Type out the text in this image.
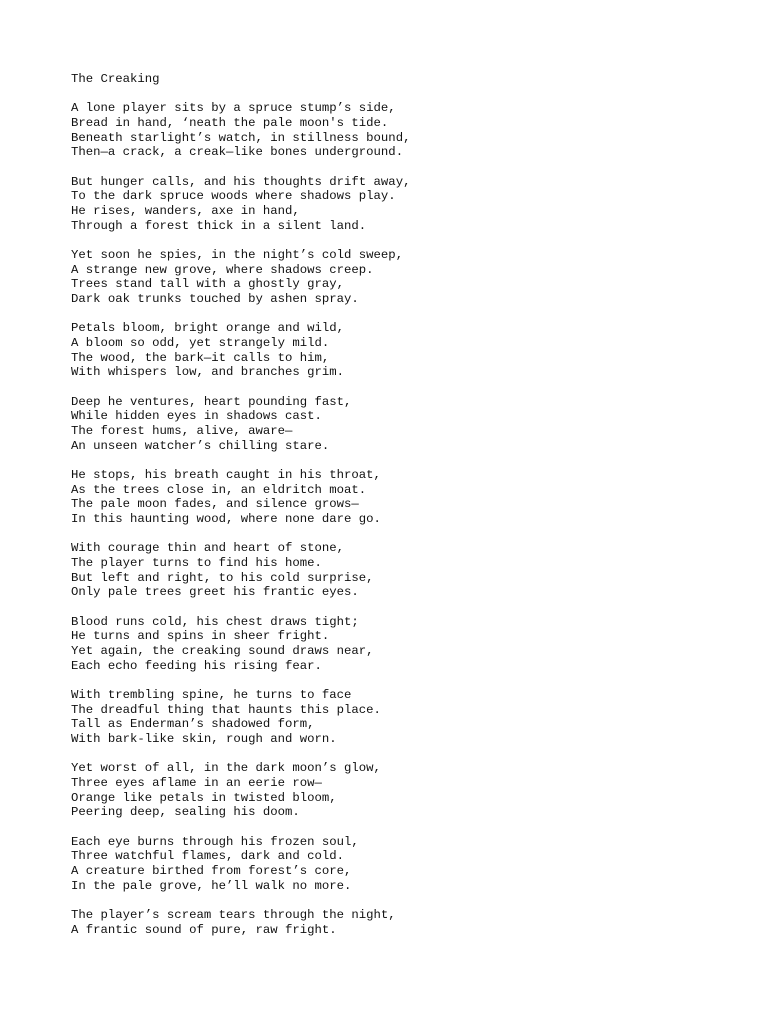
The Creaking
A lone player sits by a spruce stump’s side,
Bread in hand, ‘neath the pale moon's tide.
Beneath starlight’s watch, in stillness bound,
Then—a crack, a creak—like bones underground.
But hunger calls, and his thoughts drift away,
To the dark spruce woods where shadows play.
He rises, wanders, axe in hand,
Through a forest thick in a silent land.
Yet soon he spies, in the night’s cold sweep,
A strange new grove, where shadows creep.
Trees stand tall with a ghostly gray,
Dark oak trunks touched by ashen spray.
Petals bloom, bright orange and wild,
A bloom so odd, yet strangely mild.
The wood, the bark—it calls to him,
With whispers low, and branches grim.
Deep he ventures, heart pounding fast,
While hidden eyes in shadows cast.
The forest hums, alive, aware—
An unseen watcher’s chilling stare.
He stops, his breath caught in his throat,
As the trees close in, an eldritch moat.
The pale moon fades, and silence grows—
In this haunting wood, where none dare go.
With courage thin and heart of stone,
The player turns to find his home.
But left and right, to his cold surprise,
Only pale trees greet his frantic eyes.
Blood runs cold, his chest draws tight;
He turns and spins in sheer fright.
Yet again, the creaking sound draws near,
Each echo feeding his rising fear.
With trembling spine, he turns to face
The dreadful thing that haunts this place.
Tall as Enderman’s shadowed form,
With bark-like skin, rough and worn.
Yet worst of all, in the dark moon’s glow,
Three eyes aflame in an eerie row—
Orange like petals in twisted bloom,
Peering deep, sealing his doom.
Each eye burns through his frozen soul,
Three watchful flames, dark and cold.
A creature birthed from forest’s core,
In the pale grove, he’ll walk no more.
The player’s scream tears through the night,
A frantic sound of pure, raw fright.
